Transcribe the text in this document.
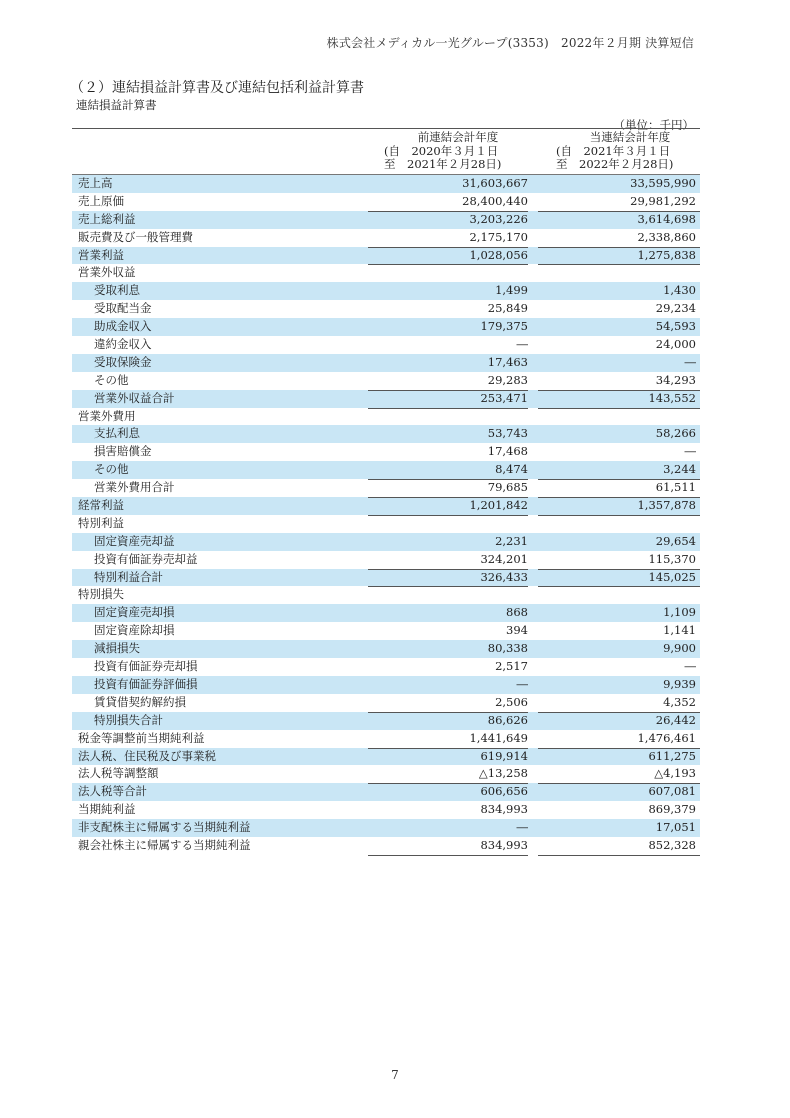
株式会社メディカル一光グループ(3353)　2022年２月期 決算短信
（２）連結損益計算書及び連結包括利益計算書
連結損益計算書
（単位：千円）
前連結会計年度
(自　2020年３月１日
至　2021年２月28日)
当連結会計年度
(自　2021年３月１日
至　2022年２月28日)
売上高	31,603,667	33,595,990
売上原価	28,400,440	29,981,292
売上総利益	3,203,226	3,614,698
販売費及び一般管理費	2,175,170	2,338,860
営業利益	1,028,056	1,275,838
営業外収益
受取利息	1,499	1,430
受取配当金	25,849	29,234
助成金収入	179,375	54,593
違約金収入	―	24,000
受取保険金	17,463	―
その他	29,283	34,293
営業外収益合計	253,471	143,552
営業外費用
支払利息	53,743	58,266
損害賠償金	17,468	―
その他	8,474	3,244
営業外費用合計	79,685	61,511
経常利益	1,201,842	1,357,878
特別利益
固定資産売却益	2,231	29,654
投資有価証券売却益	324,201	115,370
特別利益合計	326,433	145,025
特別損失
固定資産売却損	868	1,109
固定資産除却損	394	1,141
減損損失	80,338	9,900
投資有価証券売却損	2,517	―
投資有価証券評価損	―	9,939
賃貸借契約解約損	2,506	4,352
特別損失合計	86,626	26,442
税金等調整前当期純利益	1,441,649	1,476,461
法人税、住民税及び事業税	619,914	611,275
法人税等調整額	△13,258	△4,193
法人税等合計	606,656	607,081
当期純利益	834,993	869,379
非支配株主に帰属する当期純利益	―	17,051
親会社株主に帰属する当期純利益	834,993	852,328
7
